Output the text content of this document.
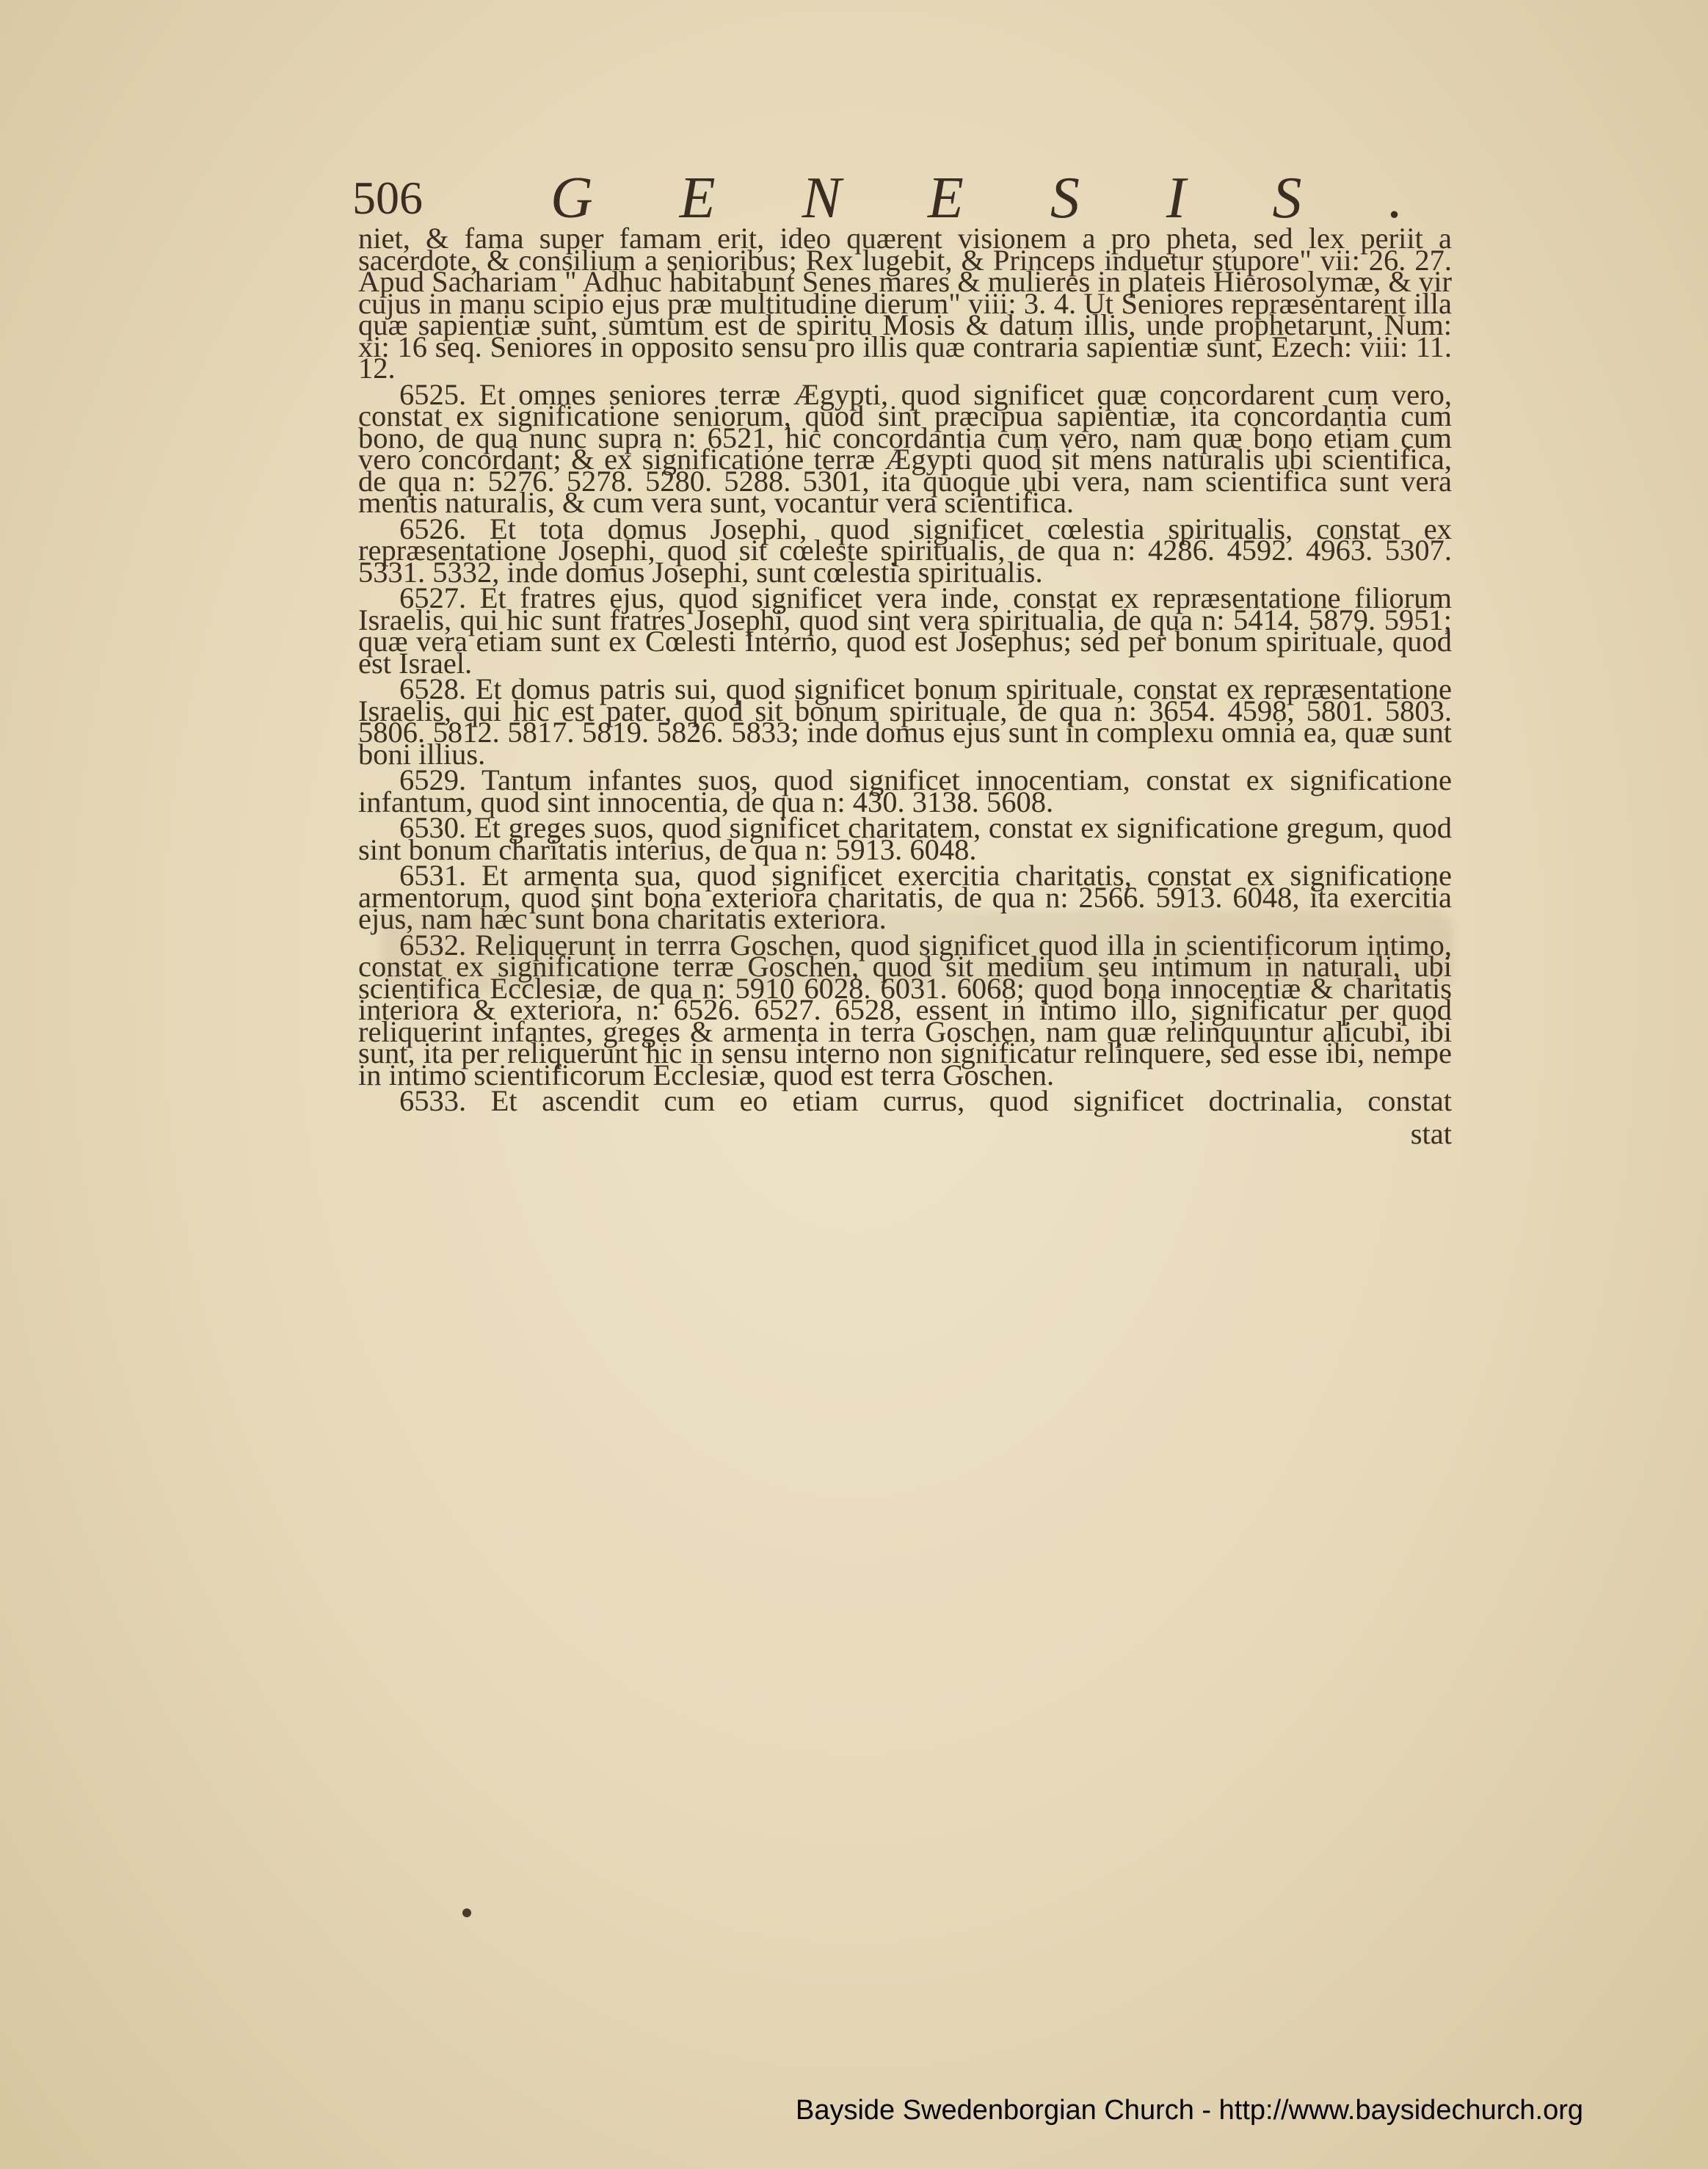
506 GENESIS.

niet, & fama super famam erit, ideo quærent visionem a pro pheta, sed lex periit a sacerdote, & consilium a senioribus; Rex lugebit, & Princeps induetur stupore" vii: 26. 27. Apud Sachariam " Adhuc habitabunt Senes mares & mulieres in plateis Hierosolymæ, & vir cujus in manu scipio ejus præ multitudine dierum" viii: 3. 4. Ut Seniores repræsentarent illa quæ sapientiæ sunt, sumtum est de spiritu Mosis & datum illis, unde prophetarunt, Num: xi: 16 seq. Seniores in opposito sensu pro illis quæ contraria sapientiæ sunt, Ezech: viii: 11. 12.

6525. Et omnes seniores terræ Ægypti, quod significet quæ concordarent cum vero, constat ex significatione seniorum, quod sint præcipua sapientiæ, ita concordantia cum bono, de qua nunc supra n: 6521, hic concordantia cum vero, nam quæ bono etiam cum vero concordant; & ex significatione terræ Ægypti quod sit mens naturalis ubi scientifica, de qua n: 5276. 5278. 5280. 5288. 5301, ita quoque ubi vera, nam scientifica sunt vera mentis naturalis, & cum vera sunt, vocantur vera scientifica.

6526. Et tota domus Josephi, quod significet cœlestia spiritualis, constat ex repræsentatione Josephi, quod sit cœleste spiritualis, de qua n: 4286. 4592. 4963. 5307. 5331. 5332, inde domus Josephi, sunt cœlestia spiritualis.

6527. Et fratres ejus, quod significet vera inde, constat ex repræsentatione filiorum Israelis, qui hic sunt fratres Josephi, quod sint vera spiritualia, de qua n: 5414. 5879. 5951; quæ vera etiam sunt ex Cœlesti Interno, quod est Josephus; sed per bonum spirituale, quod est Israel.

6528. Et domus patris sui, quod significet bonum spirituale, constat ex repræsentatione Israelis, qui hic est pater, quod sit bonum spirituale, de qua n: 3654. 4598, 5801. 5803. 5806. 5812. 5817. 5819. 5826. 5833; inde domus ejus sunt in complexu omnia ea, quæ sunt boni illius.

6529. Tantum infantes suos, quod significet innocentiam, constat ex significatione infantum, quod sint innocentia, de qua n: 430. 3138. 5608.

6530. Et greges suos, quod significet charitatem, constat ex significatione gregum, quod sint bonum charitatis interius, de qua n: 5913. 6048.

6531. Et armenta sua, quod significet exercitia charitatis, constat ex significatione armentorum, quod sint bona exteriora charitatis, de qua n: 2566. 5913. 6048, ita exercitia ejus, nam hæc sunt bona charitatis exteriora.

6532. Reliquerunt in terrra Goschen, quod significet quod illa in scientificorum intimo, constat ex significatione terræ Goschen, quod sit medium seu intimum in naturali, ubi scientifica Ecclesiæ, de qua n: 5910 6028. 6031. 6068; quod bona innocentiæ & charitatis interiora & exteriora, n: 6526. 6527. 6528, essent in intimo illo, significatur per quod reliquerint infantes, greges & armenta in terra Goschen, nam quæ relinquuntur alicubi, ibi sunt, ita per reliquerunt hic in sensu interno non significatur relinquere, sed esse ibi, nempe in intimo scientificorum Ecclesiæ, quod est terra Goschen.

6533. Et ascendit cum eo etiam currus, quod significet doctrinalia, constat

stat
Bayside Swedenborgian Church - http://www.baysidechurch.org
